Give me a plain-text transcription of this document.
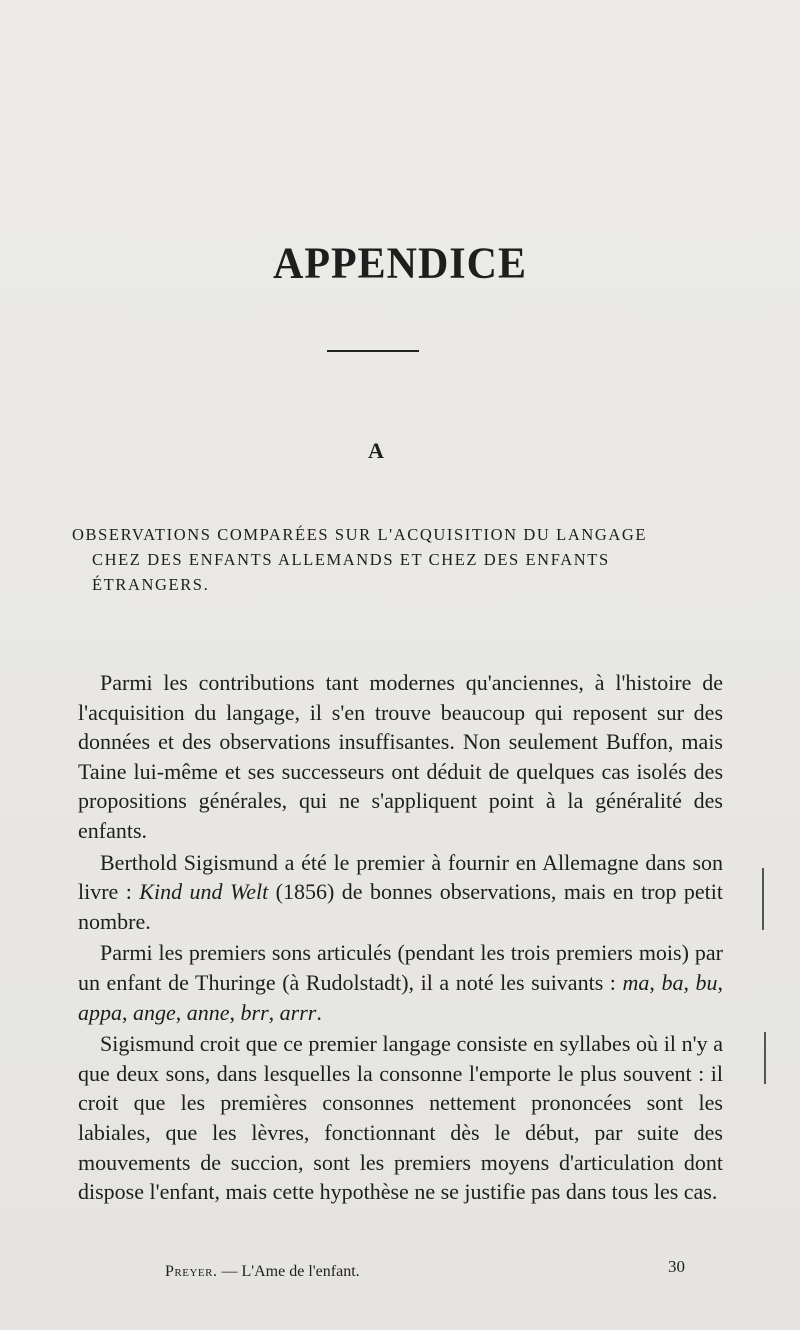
APPENDICE
A
OBSERVATIONS COMPARÉES SUR L'ACQUISITION DU LANGAGE
CHEZ DES ENFANTS ALLEMANDS ET CHEZ DES ENFANTS
ÉTRANGERS.

Parmi les contributions tant modernes qu'anciennes, à l'histoire de l'acquisition du langage, il s'en trouve beaucoup qui reposent sur des données et des observations insuffisantes. Non seulement Buffon, mais Taine lui-même et ses successeurs ont déduit de quelques cas isolés des propositions générales, qui ne s'appliquent point à la généralité des enfants.

Berthold Sigismund a été le premier à fournir en Allemagne dans son livre : Kind und Welt (1856) de bonnes observations, mais en trop petit nombre.

Parmi les premiers sons articulés (pendant les trois premiers mois) par un enfant de Thuringe (à Rudolstadt), il a noté les suivants : ma, ba, bu, appa, ange, anne, brr, arrr.

Sigismund croit que ce premier langage consiste en syllabes où il n'y a que deux sons, dans lesquelles la consonne l'emporte le plus souvent : il croit que les premières consonnes nettement prononcées sont les labiales, que les lèvres, fonctionnant dès le début, par suite des mouvements de succion, sont les premiers moyens d'articulation dont dispose l'enfant, mais cette hypothèse ne se justifie pas dans tous les cas.

Preyer. — L'Ame de l'enfant.	30
